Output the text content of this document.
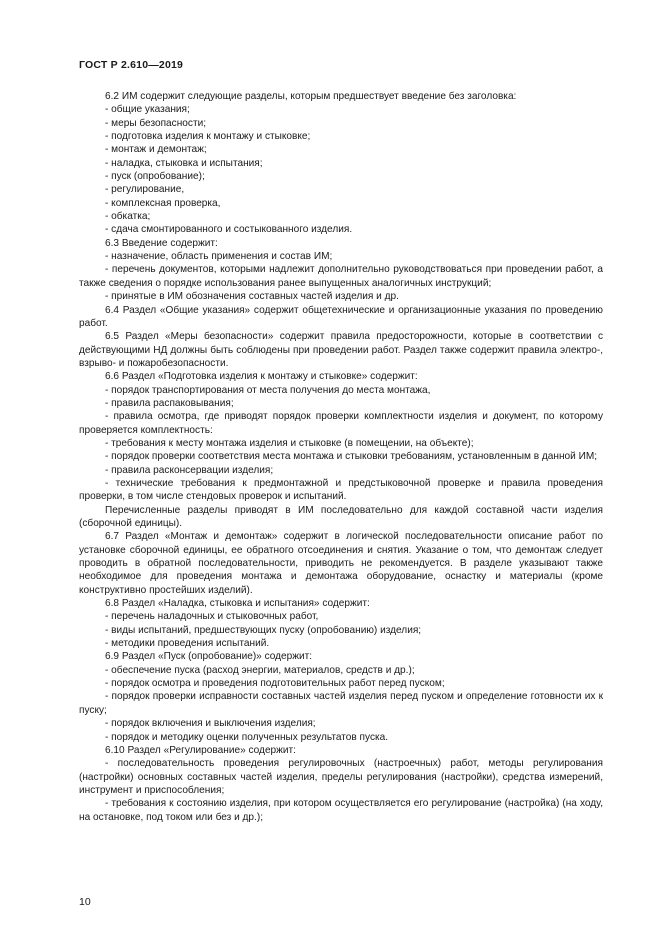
ГОСТ Р 2.610—2019

6.2 ИМ содержит следующие разделы, которым предшествует введение без заголовка:

- общие указания;

- меры безопасности;

- подготовка изделия к монтажу и стыковке;

- монтаж и демонтаж;

- наладка, стыковка и испытания;

- пуск (опробование);

- регулирование,

- комплексная проверка,

- обкатка;

- сдача смонтированного и состыкованного изделия.

6.3 Введение содержит:

- назначение, область применения и состав ИМ;

- перечень документов, которыми надлежит дополнительно руководствоваться при проведении работ, а также сведения о порядке использования ранее выпущенных аналогичных инструкций;

- принятые в ИМ обозначения составных частей изделия и др.

6.4 Раздел «Общие указания» содержит общетехнические и организационные указания по проведению работ.

6.5 Раздел «Меры безопасности» содержит правила предосторожности, которые в соответствии с действующими НД должны быть соблюдены при проведении работ. Раздел также содержит правила электро-, взрыво- и пожаробезопасности.

6.6 Раздел «Подготовка изделия к монтажу и стыковке» содержит:

- порядок транспортирования от места получения до места монтажа,

- правила распаковывания;

- правила осмотра, где приводят порядок проверки комплектности изделия и документ, по которому проверяется комплектность:

- требования к месту монтажа изделия и стыковке (в помещении, на объекте);

- порядок проверки соответствия места монтажа и стыковки требованиям, установленным в данной ИМ;

- правила расконсервации изделия;

- технические требования к предмонтажной и предстыковочной проверке и правила проведения проверки, в том числе стендовых проверок и испытаний.

Перечисленные разделы приводят в ИМ последовательно для каждой составной части изделия (сборочной единицы).

6.7 Раздел «Монтаж и демонтаж» содержит в логической последовательности описание работ по установке сборочной единицы, ее обратного отсоединения и снятия. Указание о том, что демонтаж следует проводить в обратной последовательности, приводить не рекомендуется. В разделе указывают также необходимое для проведения монтажа и демонтажа оборудование, оснастку и материалы (кроме конструктивно простейших изделий).

6.8 Раздел «Наладка, стыковка и испытания» содержит:

- перечень наладочных и стыковочных работ,

- виды испытаний, предшествующих пуску (опробованию) изделия;

- методики проведения испытаний.

6.9 Раздел «Пуск (опробование)» содержит:

- обеспечение пуска (расход энергии, материалов, средств и др.);

- порядок осмотра и проведения подготовительных работ перед пуском;

- порядок проверки исправности составных частей изделия перед пуском и определение готовности их к пуску;

- порядок включения и выключения изделия;

- порядок и методику оценки полученных результатов пуска.

6.10 Раздел «Регулирование» содержит:

- последовательность проведения регулировочных (настроечных) работ, методы регулирования (настройки) основных составных частей изделия, пределы регулирования (настройки), средства измерений, инструмент и приспособления;

- требования к состоянию изделия, при котором осуществляется его регулирование (настройка) (на ходу, на остановке, под током или без и др.);

10
